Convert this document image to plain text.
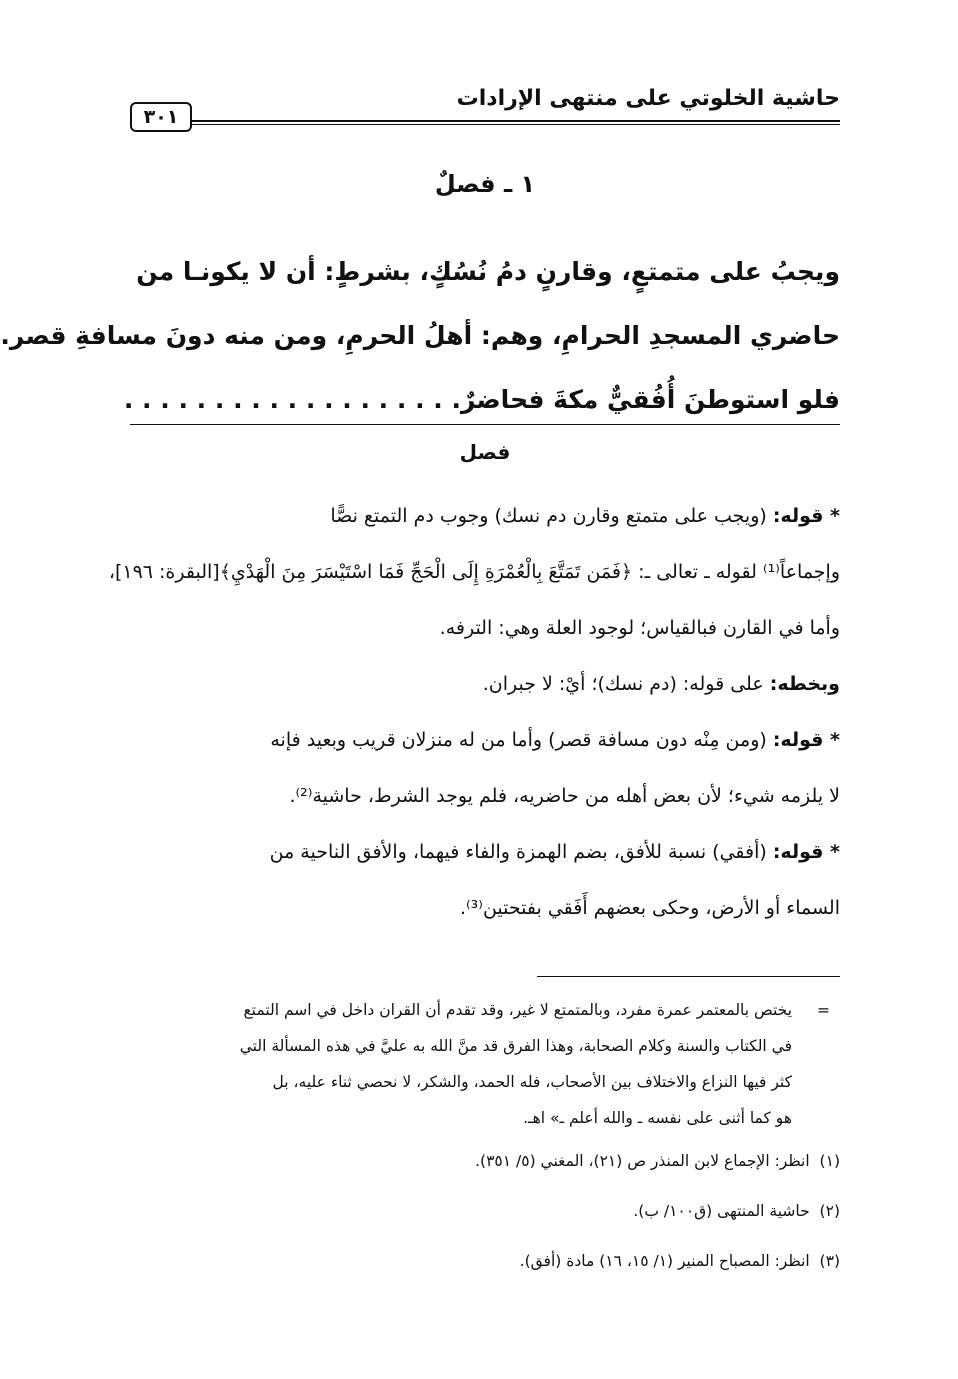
حاشية الخلوتي على منتهى الإرادات
٣٠١
١ ـ فصلٌ

ويجبُ على متمتعٍ، وقارنٍ دمُ نُسُكٍ، بشرطٍ: أن لا يكونـا من

حاضري المسجدِ الحرامِ، وهم: أهلُ الحرمِ، ومن منه دونَ مسافةِ قصر.

فلو استوطنَ أُفُقيٌّ مكةَ فحاضرٌ. . . . . . . . . . . . . . . . . . .

فصل

* قوله: (ويجب على متمتع وقارن دم نسك) وجوب دم التمتع نصًّا

وإجماعاً⁽¹⁾ لقوله ـ تعالى ـ: ﴿فَمَن تَمَتَّعَ بِالْعُمْرَةِ إِلَى الْحَجِّ فَمَا اسْتَيْسَرَ مِنَ الْهَدْيِ﴾[البقرة: ١٩٦]،

وأما في القارن فبالقياس؛ لوجود العلة وهي: الترفه.

وبخطه: على قوله: (دم نسك)؛ أيْ: لا جبران.

* قوله: (ومن مِنْه دون مسافة قصر) وأما من له منزلان قريب وبعيد فإنه

لا يلزمه شيء؛ لأن بعض أهله من حاضريه، فلم يوجد الشرط، حاشية⁽²⁾.

* قوله: (أفقي) نسبة للأفق، بضم الهمزة والفاء فيهما، والأفق الناحية من

السماء أو الأرض، وحكى بعضهم أَفَقي بفتحتين⁽³⁾.

=
يختص بالمعتمر عمرة مفرد، وبالمتمتع لا غير، وقد تقدم أن القران داخل في اسم التمتع

في الكتاب والسنة وكلام الصحابة، وهذا الفرق قد منَّ الله به عليَّ في هذه المسألة التي

كثر فيها النزاع والاختلاف بين الأصحاب، فله الحمد، والشكر، لا نحصي ثناء عليه، بل

هو كما أثنى على نفسه ـ والله أعلم ـ» اهـ.

(١)  انظر: الإجماع لابن المنذر ص (٢١)، المغني (٥/ ٣٥١).

(٢)  حاشية المنتهى (ق١٠٠/ ب).

(٣)  انظر: المصباح المنير (١/ ١٥، ١٦) مادة (أفق).
